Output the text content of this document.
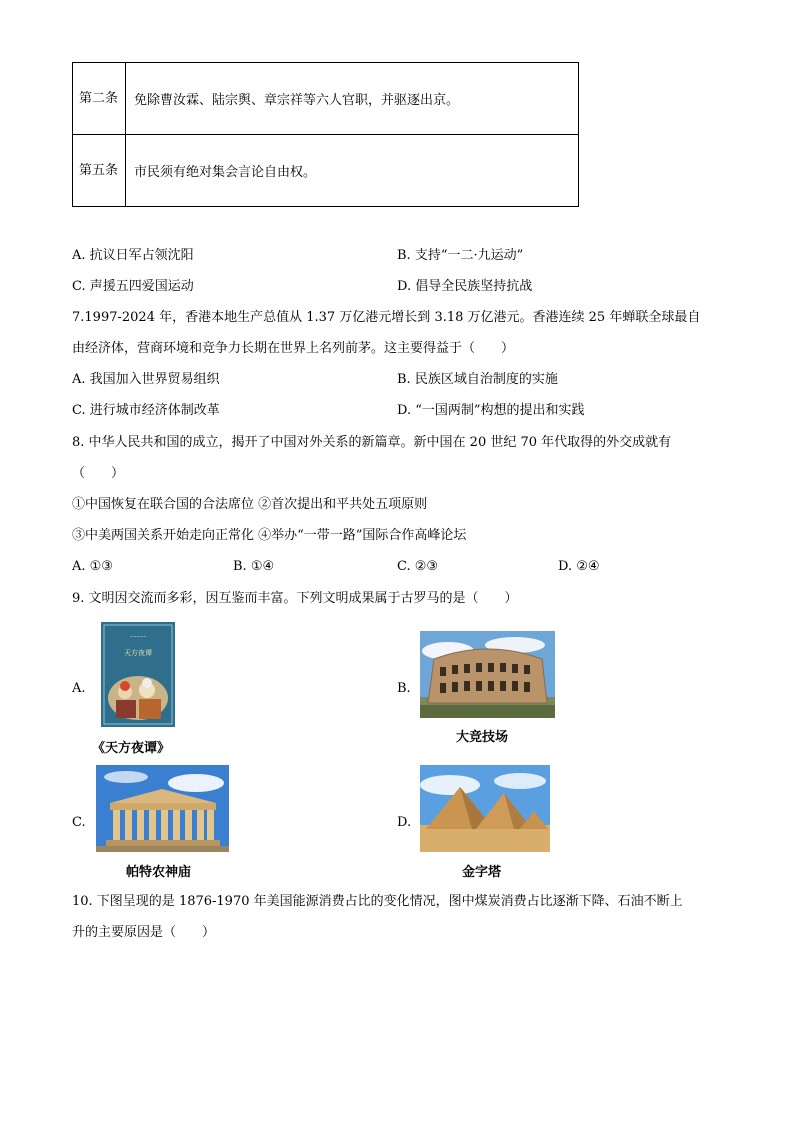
第二条	免除曹汝霖、陆宗舆、章宗祥等六人官职，并驱逐出京。
第五条	市民须有绝对集会言论自由权。
A. 抗议日军占领沈阳	B. 支持“一二·九运动”
C. 声援五四爱国运动	D. 倡导全民族坚持抗战
7.1997-2024 年，香港本地生产总值从 1.37 万亿港元增长到 3.18 万亿港元。香港连续 25 年蝉联全球最自
由经济体，营商环境和竞争力长期在世界上名列前茅。这主要得益于（　　）
A. 我国加入世界贸易组织	B. 民族区域自治制度的实施
C. 进行城市经济体制改革	D. “一国两制”构想的提出和实践
8. 中华人民共和国的成立，揭开了中国对外关系的新篇章。新中国在 20 世纪 70 年代取得的外交成就有
（　　）
①中国恢复在联合国的合法席位 ②首次提出和平共处五项原则
③中美两国关系开始走向正常化 ④举办“一带一路”国际合作高峰论坛
A. ①③	B. ①④	C. ②③	D. ②④
9. 文明因交流而多彩，因互鉴而丰富。下列文明成果属于古罗马的是（　　）
A.
~~~~~
天方夜谭
《天方夜谭》
B.
大竞技场
C.
帕特农神庙
D.
金字塔
10. 下图呈现的是 1876-1970 年美国能源消费占比的变化情况，图中煤炭消费占比逐渐下降、石油不断上
升的主要原因是（　　）
